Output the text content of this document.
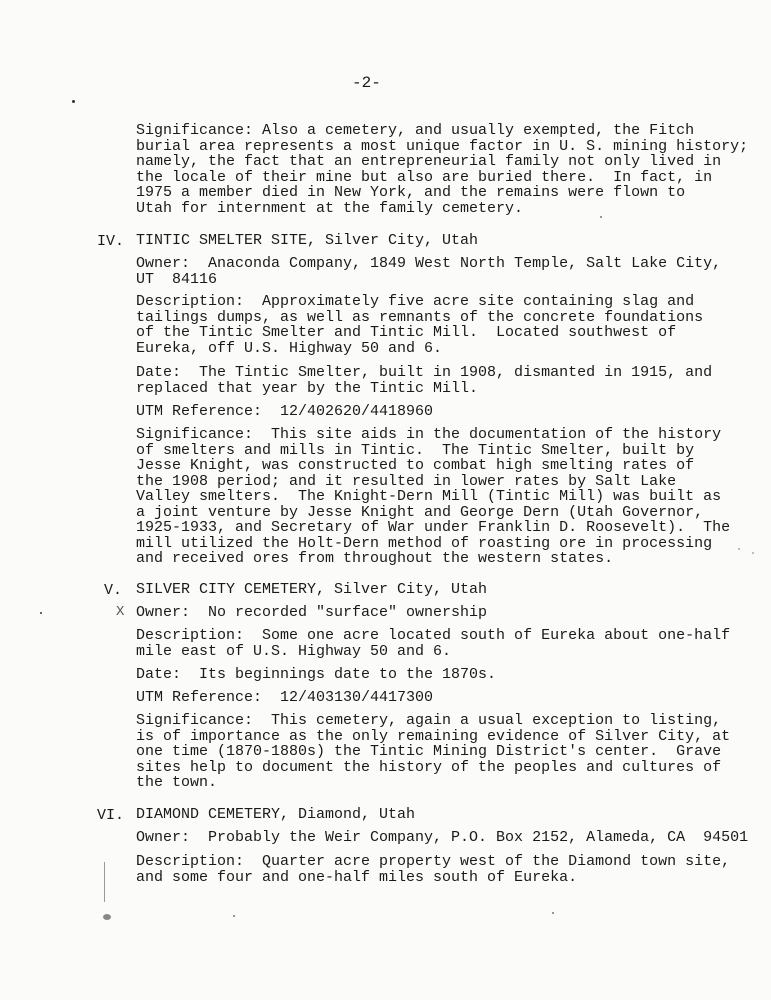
-2-
Significance: Also a cemetery, and usually exempted, the Fitch
burial area represents a most unique factor in U. S. mining history;
namely, the fact that an entrepreneurial family not only lived in
the locale of their mine but also are buried there.  In fact, in
1975 a member died in New York, and the remains were flown to
Utah for internment at the family cemetery.
IV. TINTIC SMELTER SITE, Silver City, Utah
Owner:  Anaconda Company, 1849 West North Temple, Salt Lake City,
UT  84116
Description:  Approximately five acre site containing slag and
tailings dumps, as well as remnants of the concrete foundations
of the Tintic Smelter and Tintic Mill.  Located southwest of
Eureka, off U.S. Highway 50 and 6.
Date:  The Tintic Smelter, built in 1908, dismanted in 1915, and
replaced that year by the Tintic Mill.
UTM Reference:  12/402620/4418960
Significance:  This site aids in the documentation of the history
of smelters and mills in Tintic.  The Tintic Smelter, built by
Jesse Knight, was constructed to combat high smelting rates of
the 1908 period; and it resulted in lower rates by Salt Lake
Valley smelters.  The Knight-Dern Mill (Tintic Mill) was built as
a joint venture by Jesse Knight and George Dern (Utah Governor,
1925-1933, and Secretary of War under Franklin D. Roosevelt).  The
mill utilized the Holt-Dern method of roasting ore in processing
and received ores from throughout the western states.
V. SILVER CITY CEMETERY, Silver City, Utah
X Owner:  No recorded "surface" ownership
Description:  Some one acre located south of Eureka about one-half
mile east of U.S. Highway 50 and 6.
Date:  Its beginnings date to the 1870s.
UTM Reference:  12/403130/4417300
Significance:  This cemetery, again a usual exception to listing,
is of importance as the only remaining evidence of Silver City, at
one time (1870-1880s) the Tintic Mining District's center.  Grave
sites help to document the history of the peoples and cultures of
the town.
VI. DIAMOND CEMETERY, Diamond, Utah
Owner:  Probably the Weir Company, P.O. Box 2152, Alameda, CA  94501
Description:  Quarter acre property west of the Diamond town site,
and some four and one-half miles south of Eureka.
